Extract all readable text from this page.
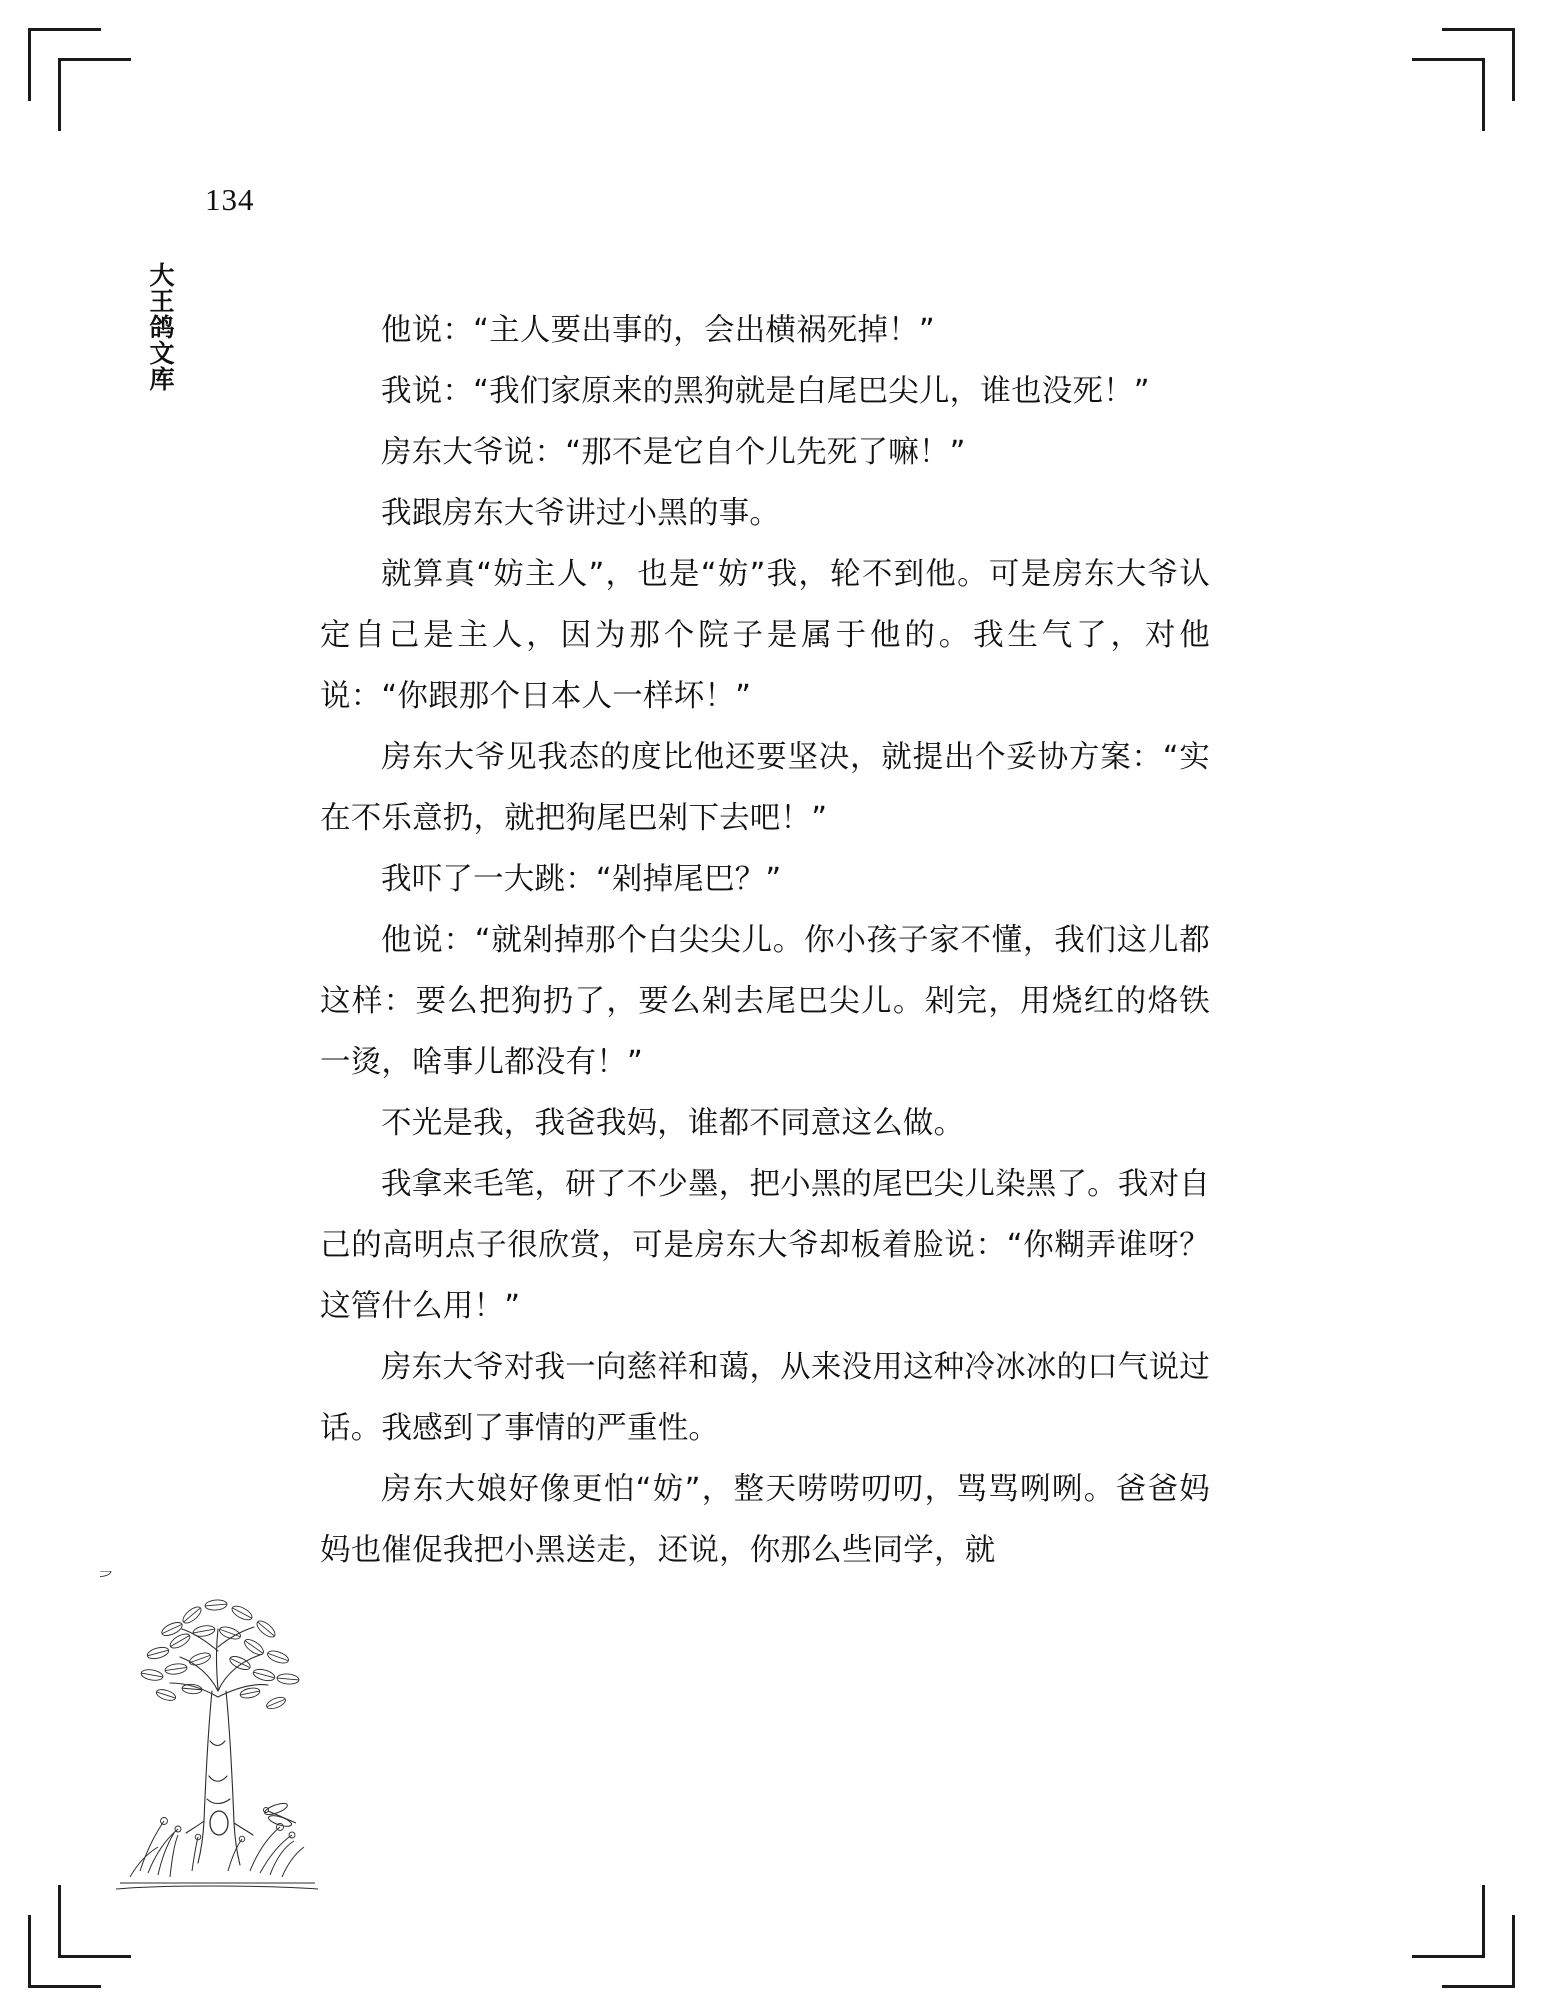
134
大王鸽文库	他说：“主人要出事的，会出横祸死掉！”

我说：“我们家原来的黑狗就是白尾巴尖儿，谁也没死！”

房东大爷说：“那不是它自个儿先死了嘛！”

我跟房东大爷讲过小黑的事。

就算真“妨主人”，也是“妨”我，轮不到他。可是房东大爷认定自己是主人，因为那个院子是属于他的。我生气了，对他说：“你跟那个日本人一样坏！”

房东大爷见我态的度比他还要坚决，就提出个妥协方案：“实在不乐意扔，就把狗尾巴剁下去吧！”

我吓了一大跳：“剁掉尾巴？”

他说：“就剁掉那个白尖尖儿。你小孩子家不懂，我们这儿都这样：要么把狗扔了，要么剁去尾巴尖儿。剁完，用烧红的烙铁一烫，啥事儿都没有！”

不光是我，我爸我妈，谁都不同意这么做。

我拿来毛笔，研了不少墨，把小黑的尾巴尖儿染黑了。我对自己的高明点子很欣赏，可是房东大爷却板着脸说：“你糊弄谁呀？这管什么用！”

房东大爷对我一向慈祥和蔼，从来没用这种冷冰冰的口气说过话。我感到了事情的严重性。

房东大娘好像更怕“妨”，整天唠唠叨叨，骂骂咧咧。爸爸妈妈也催促我把小黑送走，还说，你那么些同学，就
